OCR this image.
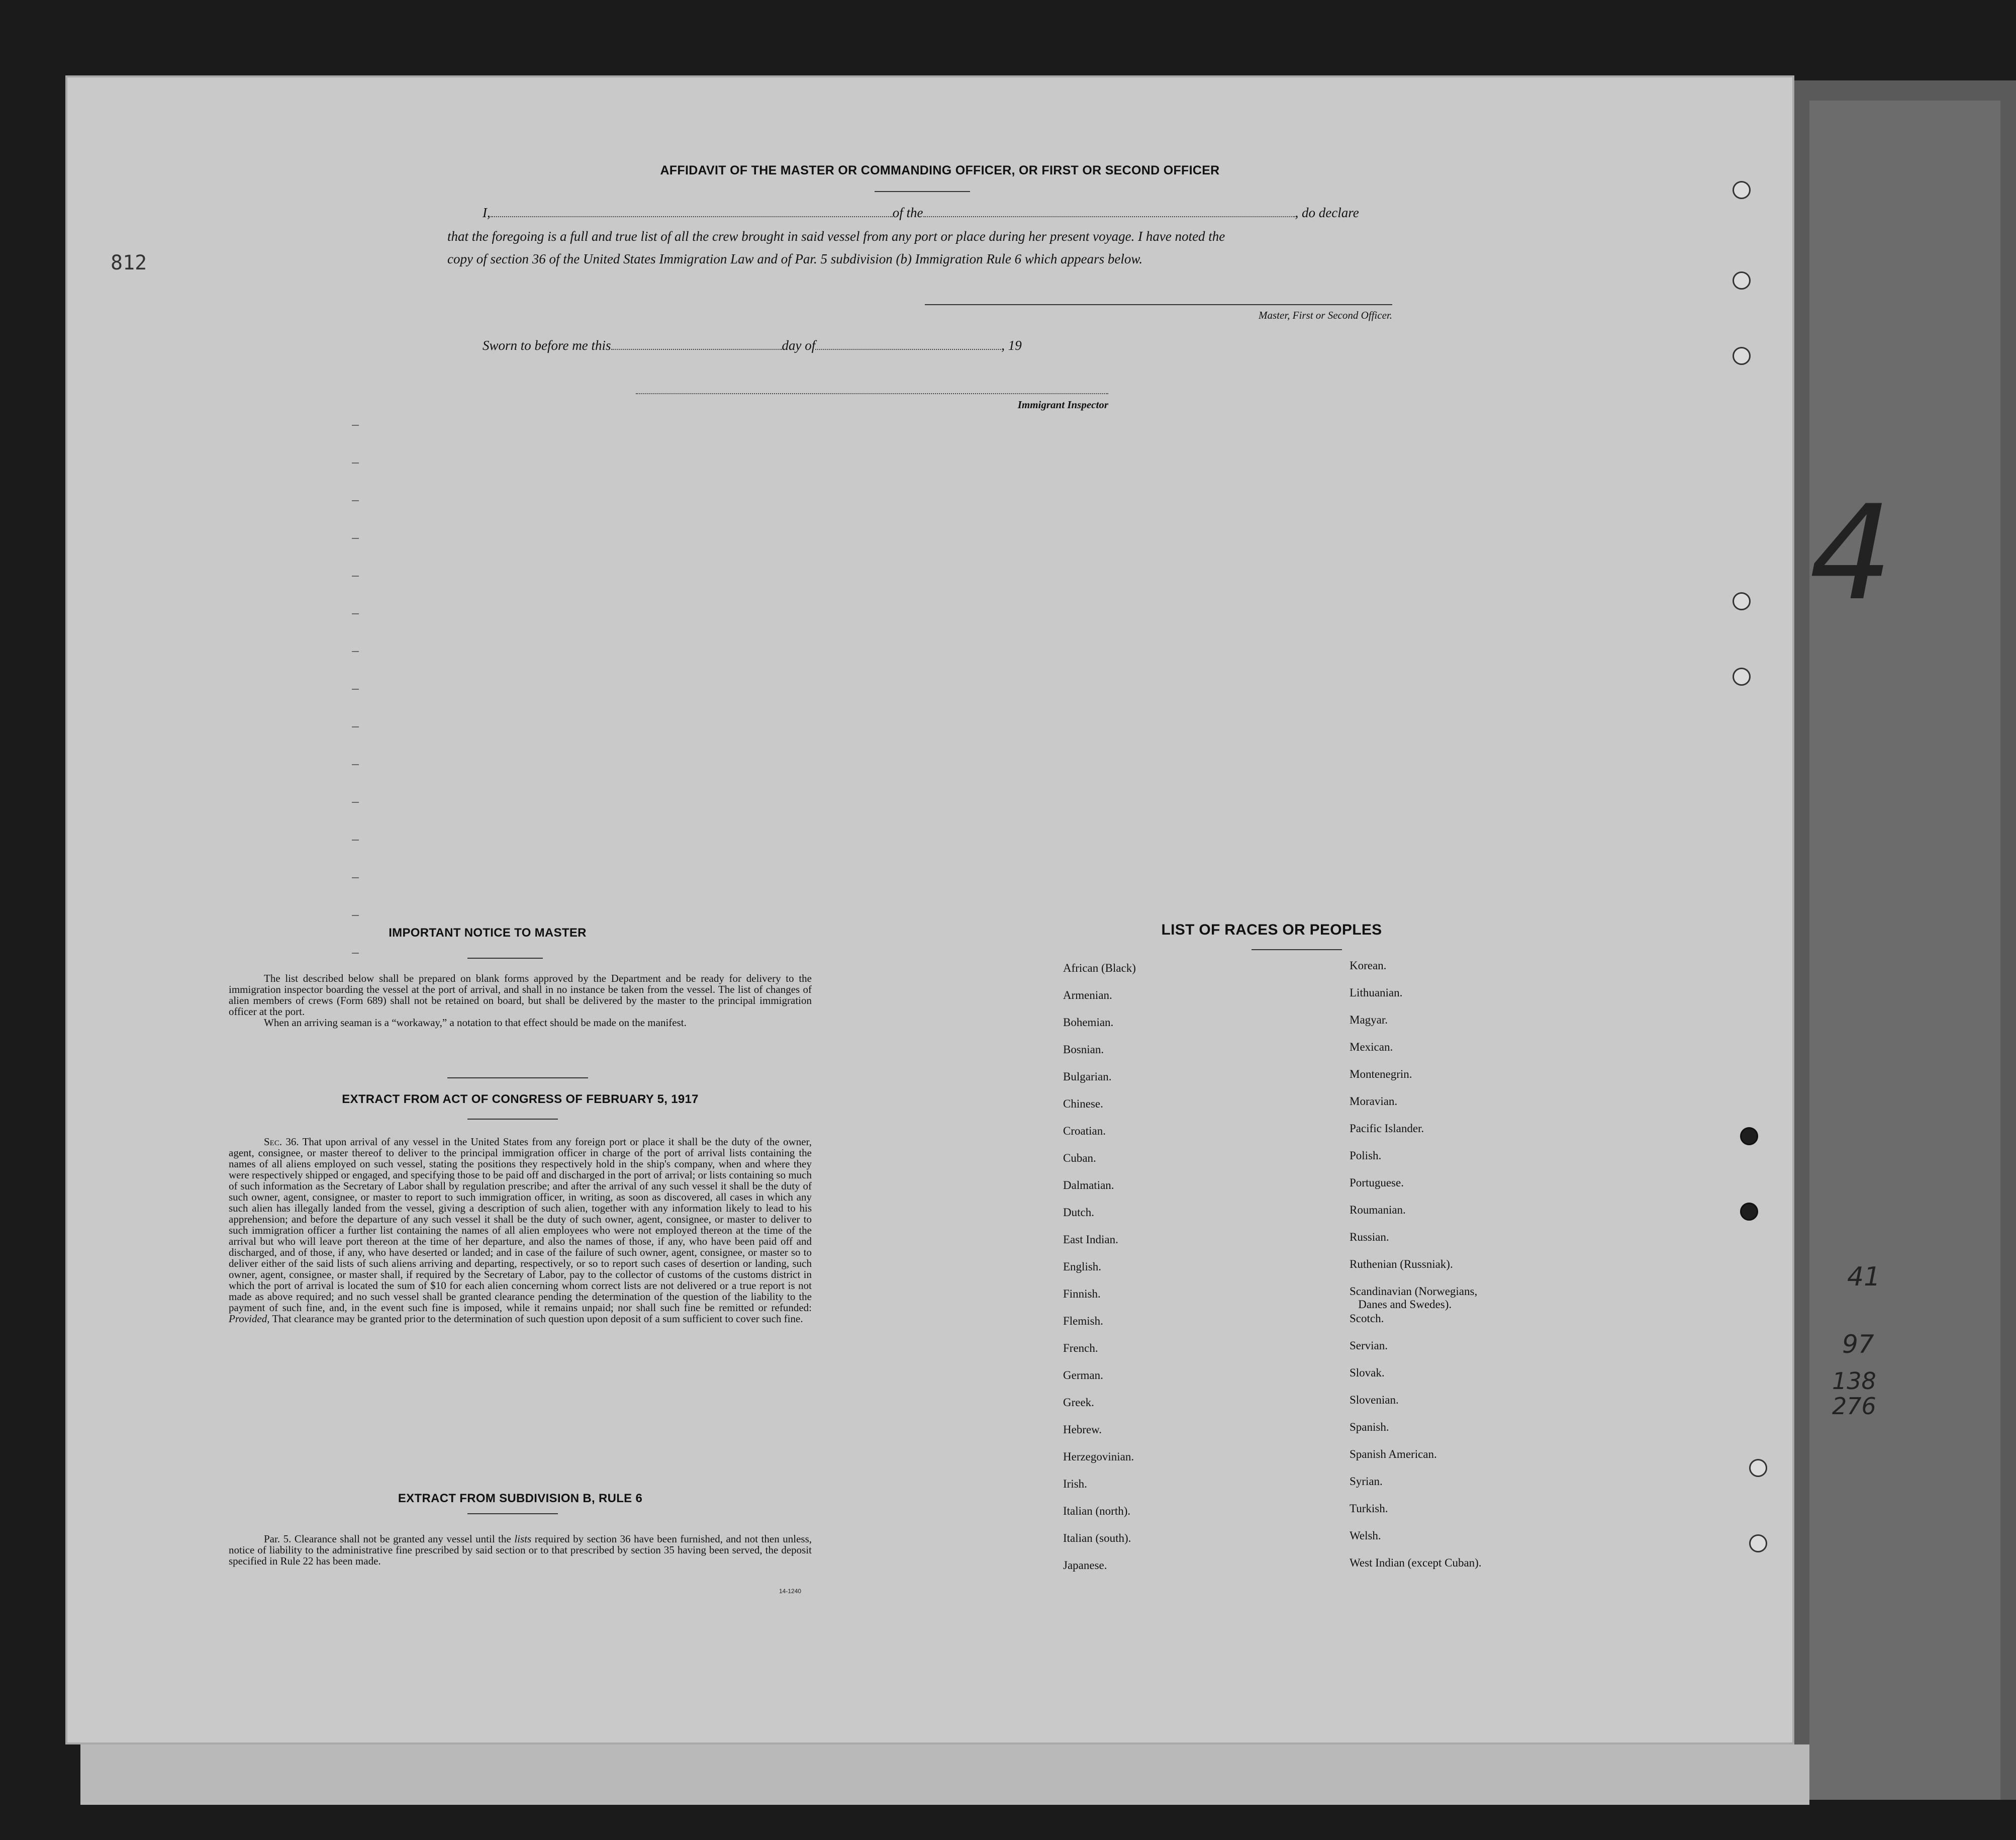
4
41
97
138
276
812
AFFIDAVIT OF THE MASTER OR COMMANDING OFFICER, OR FIRST OR SECOND OFFICER
I,	of the	, do declare
that the foregoing is a full and true list of all the crew brought in said vessel from any port or place during her present voyage. I have noted the
copy of section 36 of the United States Immigration Law and of Par. 5 subdivision (b) Immigration Rule 6 which appears below.
Master, First or Second Officer.
Sworn to before me this	day of	, 19
Immigrant Inspector
IMPORTANT NOTICE TO MASTER
The list described below shall be prepared on blank forms approved by the Department and be ready for delivery to the immigration inspector boarding the vessel at the port of arrival, and shall in no instance be taken from the vessel. The list of changes of alien members of crews (Form 689) shall not be retained on board, but shall be delivered by the master to the principal immigration officer at the port.
When an arriving seaman is a “workaway,” a notation to that effect should be made on the manifest.
EXTRACT FROM ACT OF CONGRESS OF FEBRUARY 5, 1917
Sec. 36. That upon arrival of any vessel in the United States from any foreign port or place it shall be the duty of the owner, agent, consignee, or master thereof to deliver to the principal immigration officer in charge of the port of arrival lists containing the names of all aliens employed on such vessel, stating the positions they respectively hold in the ship's company, when and where they were respectively shipped or engaged, and specifying those to be paid off and discharged in the port of arrival; or lists containing so much of such information as the Secretary of Labor shall by regulation prescribe; and after the arrival of any such vessel it shall be the duty of such owner, agent, consignee, or master to report to such immigration officer, in writing, as soon as discovered, all cases in which any such alien has illegally landed from the vessel, giving a description of such alien, together with any information likely to lead to his apprehension; and before the departure of any such vessel it shall be the duty of such owner, agent, consignee, or master to deliver to such immigration officer a further list containing the names of all alien employees who were not employed thereon at the time of the arrival but who will leave port thereon at the time of her departure, and also the names of those, if any, who have been paid off and discharged, and of those, if any, who have deserted or landed; and in case of the failure of such owner, agent, consignee, or master so to deliver either of the said lists of such aliens arriving and departing, respectively, or so to report such cases of desertion or landing, such owner, agent, consignee, or master shall, if required by the Secretary of Labor, pay to the collector of customs of the customs district in which the port of arrival is located the sum of $10 for each alien concerning whom correct lists are not delivered or a true report is not made as above required; and no such vessel shall be granted clearance pending the determination of the question of the liability to the payment of such fine, and, in the event such fine is imposed, while it remains unpaid; nor shall such fine be remitted or refunded: Provided, That clearance may be granted prior to the determination of such question upon deposit of a sum sufficient to cover such fine.
EXTRACT FROM SUBDIVISION B, RULE 6
Par. 5. Clearance shall not be granted any vessel until the lists required by section 36 have been furnished, and not then unless, notice of liability to the administrative fine prescribed by said section or to that prescribed by section 35 having been served, the deposit specified in Rule 22 has been made.
14-1240
LIST OF RACES OR PEOPLES
African (Black)
Armenian.
Bohemian.
Bosnian.
Bulgarian.
Chinese.
Croatian.
Cuban.
Dalmatian.
Dutch.
East Indian.
English.
Finnish.
Flemish.
French.
German.
Greek.
Hebrew.
Herzegovinian.
Irish.
Italian (north).
Italian (south).
Japanese.
Korean.
Lithuanian.
Magyar.
Mexican.
Montenegrin.
Moravian.
Pacific Islander.
Polish.
Portuguese.
Roumanian.
Russian.
Ruthenian (Russniak).
Scandinavian (Norwegians,
Danes and Swedes).
Scotch.
Servian.
Slovak.
Slovenian.
Spanish.
Spanish American.
Syrian.
Turkish.
Welsh.
West Indian (except Cuban).
